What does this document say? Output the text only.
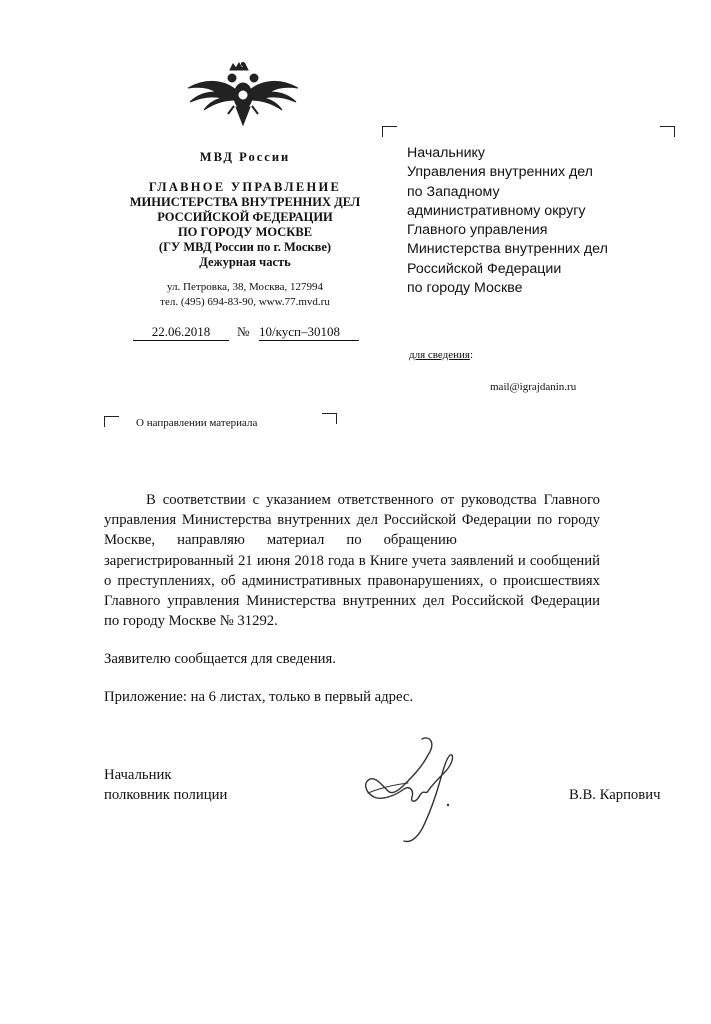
МВД России
ГЛАВНОЕ УПРАВЛЕНИЕ
МИНИСТЕРСТВА ВНУТРЕННИХ ДЕЛ
РОССИЙСКОЙ ФЕДЕРАЦИИ
ПО ГОРОДУ МОСКВЕ
(ГУ МВД России по г. Москве)
Дежурная часть
ул. Петровка, 38, Москва, 127994
тел. (495) 694-83-90, www.77.mvd.ru
22.06.2018	№ 10/кусп–30108
Начальнику
Управления внутренних дел
по Западному
административному округу
Главного управления
Министерства внутренних дел
Российской Федерации
по городу Москве
для сведения:
mail@igrajdanin.ru
О направлении материала
В соответствии с указанием ответственного от руководства Главного
управления Министерства внутренних дел Российской Федерации по городу
Москве,      направляю      материал      по      обращению
зарегистрированный 21 июня 2018 года в Книге учета заявлений и сообщений
о преступлениях, об административных правонарушениях, о происшествиях
Главного управления Министерства внутренних дел Российской Федерации
по городу Москве № 31292.
Заявителю сообщается для сведения.
Приложение: на 6 листах, только в первый адрес.
Начальник
полковник полиции	В.В. Карпович
